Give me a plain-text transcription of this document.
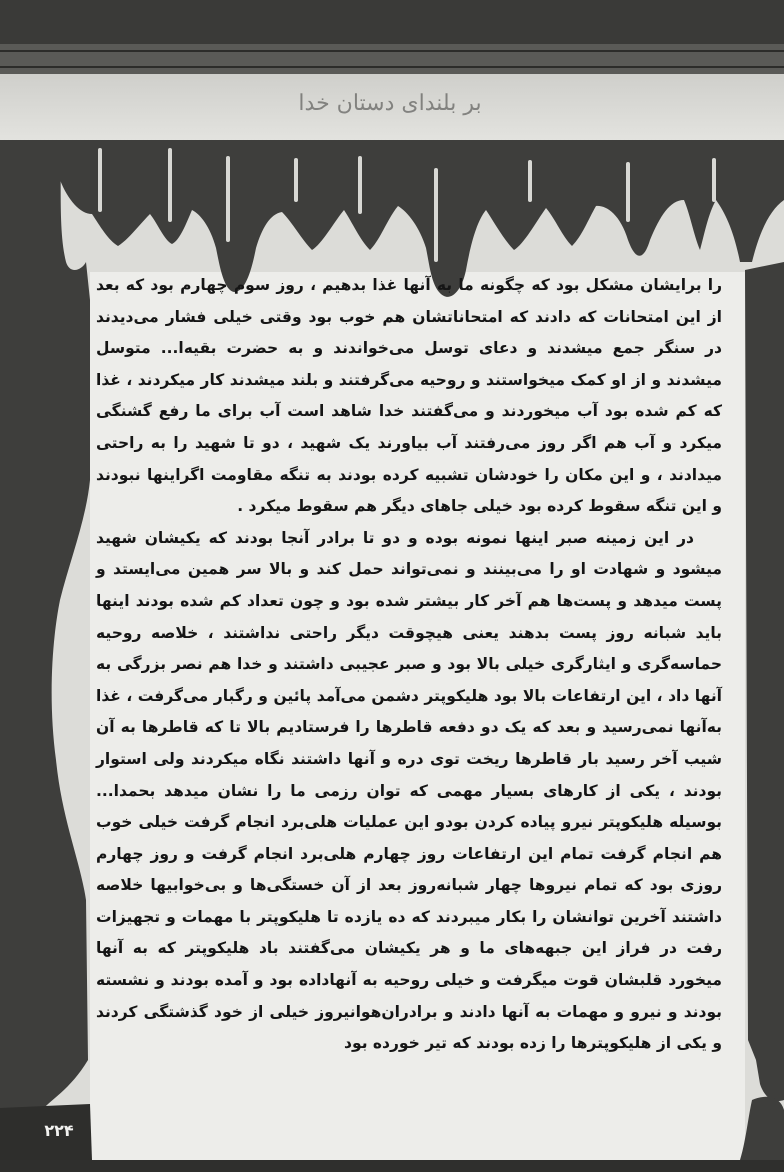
بر بلندای دستان خدا

را برایشان مشکل بود که چگونه ما به آنها غذا بدهیم ، روز سوم چهارم بود که بعد از این امتحانات که دادند که امتحاناتشان هم خوب بود وقتی خیلی فشار می‌دیدند در سنگر جمع میشدند و دعای توسل می‌خواندند و به حضرت بقیه‌ا... متوسل میشدند و از او کمک میخواستند و روحیه می‌گرفتند و بلند میشدند کار میکردند ، غذا که کم شده بود آب میخوردند و می‌گفتند خدا شاهد است آب برای ما رفع گشنگی میکرد و آب هم اگر روز می‌رفتند آب بیاورند یک شهید ، دو تا شهید را به راحتی میدادند ، و این مکان را خودشان تشبیه کرده بودند به تنگه مقاومت اگراینها نبودند و این تنگه سقوط کرده بود خیلی جاهای دیگر هم سقوط میکرد .

در این زمینه صبر اینها نمونه بوده و دو تا برادر آنجا بودند که یکیشان شهید میشود و شهادت او را می‌بینند و نمی‌تواند حمل کند و بالا سر همین می‌ایستد و پست میدهد و پست‌ها هم آخر کار بیشتر شده بود و چون تعداد کم شده بودند اینها باید شبانه روز پست بدهند یعنی هیچوقت دیگر راحتی نداشتند ، خلاصه روحیه حماسه‌گری و ایثارگری خیلی بالا بود و صبر عجیبی داشتند و خدا هم نصر بزرگی به آنها داد ، این ارتفاعات بالا بود هلیکوپتر دشمن می‌آمد پائین و رگبار می‌گرفت ، غذا به‌آنها نمی‌رسید و بعد که یک دو دفعه قاطرها را فرستادیم بالا تا که قاطرها به آن شیب آخر رسید بار قاطرها ریخت توی دره و آنها داشتند نگاه میکردند ولی استوار بودند ، یکی از کارهای بسیار مهمی که توان رزمی ما را نشان میدهد بحمدا... بوسیله هلیکوپتر نیرو پیاده کردن بودو این عملیات هلی‌برد انجام گرفت خیلی خوب هم انجام گرفت تمام این ارتفاعات روز چهارم هلی‌برد انجام گرفت و روز چهارم روزی بود که تمام نیروها چهار شبانه‌روز بعد از آن خستگی‌ها و بی‌خوابیها خلاصه داشتند آخرین توانشان را بکار میبردند که ده یازده تا هلیکوپتر با مهمات و تجهیزات رفت در فراز این جبهه‌های ما و هر یکیشان می‌گفتند باد هلیکوپتر که به آنها میخورد قلبشان قوت میگرفت و خیلی روحیه به آنهاداده بود و آمده بودند و نشسته بودند و نیرو و مهمات به آنها دادند و برادران‌هوانیروز خیلی از خود گذشتگی کردند و یکی از هلیکوپترها را زده بودند که تیر خورده بود

۲۲۴
